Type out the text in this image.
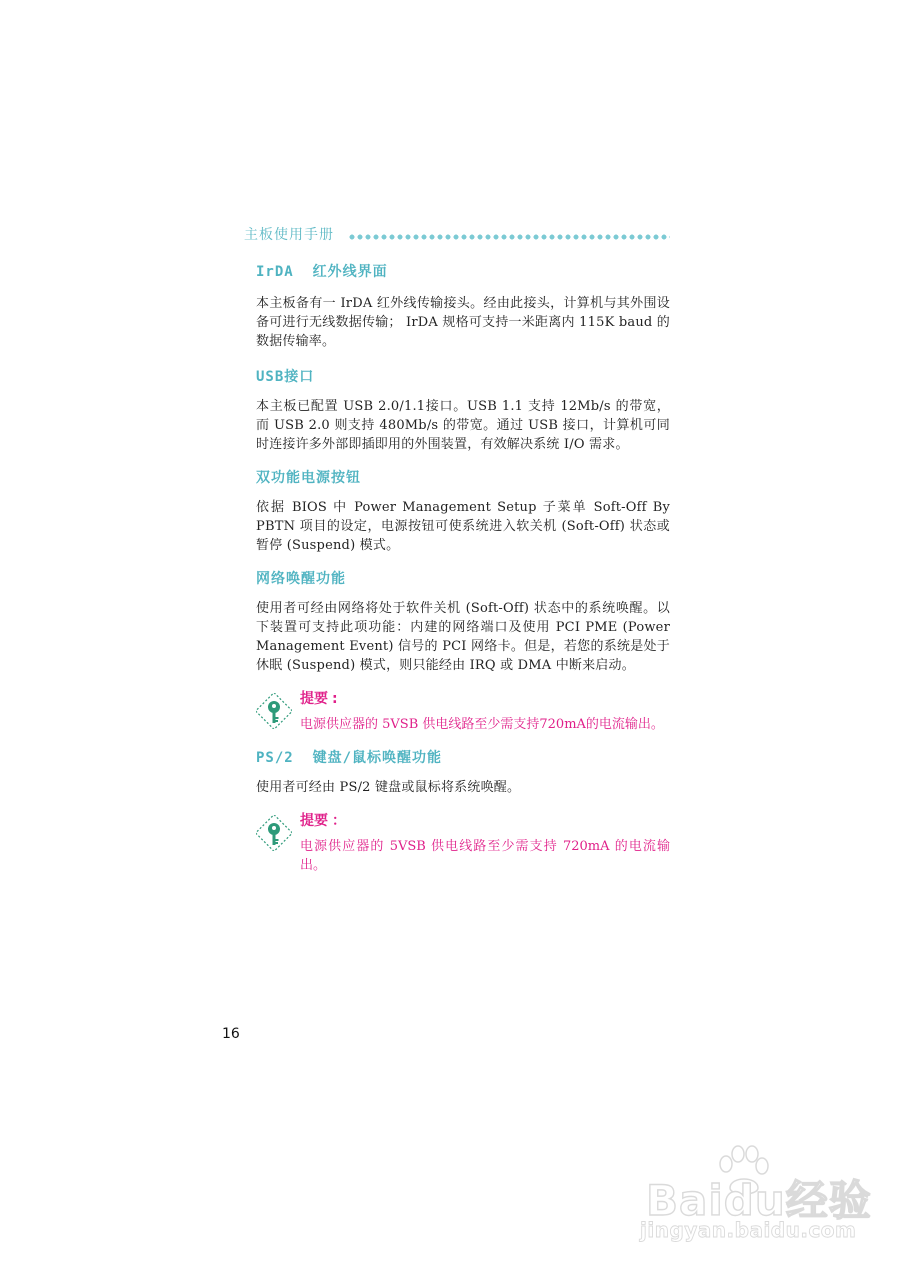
主板使用手册
IrDA  红外线界面

本主板备有一 IrDA 红外线传输接头。经由此接头，计算机与其外围设备可进行无线数据传输； IrDA 规格可支持一米距离内 115K baud 的数据传输率。

USB接口

本主板已配置 USB 2.0/1.1接口。USB 1.1 支持 12Mb/s 的带宽，而 USB 2.0 则支持 480Mb/s 的带宽。通过 USB 接口，计算机可同时连接许多外部即插即用的外围装置，有效解决系统 I/O 需求。

双功能电源按钮

依据 BIOS 中 Power Management Setup 子菜单 Soft-Off By PBTN 项目的设定，电源按钮可使系统进入软关机 (Soft-Off) 状态或暂停 (Suspend) 模式。

网络唤醒功能

使用者可经由网络将处于软件关机 (Soft-Off) 状态中的系统唤醒。以下装置可支持此项功能：内建的网络端口及使用 PCI PME (Power Management Event) 信号的 PCI 网络卡。但是，若您的系统是处于休眠 (Suspend) 模式，则只能经由 IRQ 或 DMA 中断来启动。

提要 :

电源供应器的 5VSB 供电线路至少需支持720mA的电流输出。

PS/2  键盘/鼠标唤醒功能

使用者可经由 PS/2 键盘或鼠标将系统唤醒。

提要 ：

电源供应器的 5VSB 供电线路至少需支持 720mA 的电流输出。

16
Baidu经验
jingyan.baidu.com
